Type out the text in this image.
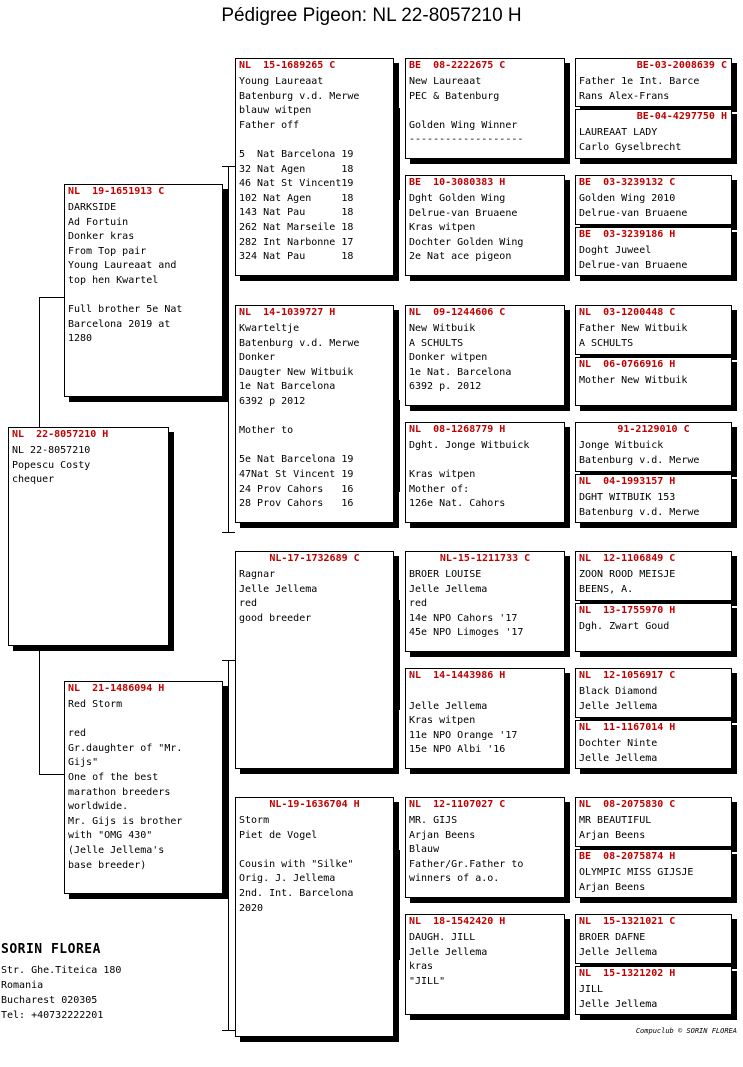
Pédigree Pigeon: NL 22-8057210 H
NL  22-8057210 H
NL 22-8057210
Popescu Costy
chequer
NL  19-1651913 C
DARKSIDE
Ad Fortuin
Donker kras
From Top pair
Young Laureaat and
top hen Kwartel

Full brother 5e Nat
Barcelona 2019 at
1280
NL  21-1486094 H
Red Storm

red
Gr.daughter of "Mr.
Gijs"
One of the best
marathon breeders
worldwide.
Mr. Gijs is brother
with "OMG 430"
(Jelle Jellema's
base breeder)
NL  15-1689265 C
Young Laureaat
Batenburg v.d. Merwe
blauw witpen
Father off

5  Nat Barcelona 19
32 Nat Agen      18
46 Nat St Vincent19
102 Nat Agen     18
143 Nat Pau      18
262 Nat Marseile 18
282 Int Narbonne 17
324 Nat Pau      18
NL  14-1039727 H
Kwarteltje
Batenburg v.d. Merwe
Donker
Daugter New Witbuik
1e Nat Barcelona
6392 p 2012

Mother to

5e Nat Barcelona 19
47Nat St Vincent 19
24 Prov Cahors   16
28 Prov Cahors   16
NL-17-1732689 C
Ragnar
Jelle Jellema
red
good breeder
NL-19-1636704 H
Storm
Piet de Vogel

Cousin with "Silke"
Orig. J. Jellema
2nd. Int. Barcelona
2020
BE  08-2222675 C
New Laureaat
PEC & Batenburg

Golden Wing Winner
-------------------
BE  10-3080383 H
Dght Golden Wing
Delrue-van Bruaene
Kras witpen
Dochter Golden Wing
2e Nat ace pigeon
NL  09-1244606 C
New Witbuik
A SCHULTS
Donker witpen
1e Nat. Barcelona
6392 p. 2012
NL  08-1268779 H
Dght. Jonge Witbuick

Kras witpen
Mother of:
126e Nat. Cahors
NL-15-1211733 C
BROER LOUISE
Jelle Jellema
red
14e NPO Cahors '17
45e NPO Limoges '17
NL  14-1443986 H

Jelle Jellema
Kras witpen
11e NPO Orange '17
15e NPO Albi '16
NL  12-1107027 C
MR. GIJS
Arjan Beens
Blauw
Father/Gr.Father to
winners of a.o.
NL  18-1542420 H
DAUGH. JILL
Jelle Jellema
kras
"JILL"
BE-03-2008639 C
Father 1e Int. Barce
Rans Alex-Frans
BE-04-4297750 H
LAUREAAT LADY
Carlo Gyselbrecht
BE  03-3239132 C
Golden Wing 2010
Delrue-van Bruaene
BE  03-3239186 H
Doght Juweel
Delrue-van Bruaene
NL  03-1200448 C
Father New Witbuik
A SCHULTS
NL  06-0766916 H
Mother New Witbuik
91-2129010 C
Jonge Witbuick
Batenburg v.d. Merwe
NL  04-1993157 H
DGHT WITBUIK 153
Batenburg v.d. Merwe
NL  12-1106849 C
ZOON ROOD MEISJE
BEENS, A.
NL  13-1755970 H
Dgh. Zwart Goud
NL  12-1056917 C
Black Diamond
Jelle Jellema
NL  11-1167014 H
Dochter Ninte
Jelle Jellema
NL  08-2075830 C
MR BEAUTIFUL
Arjan Beens
BE  08-2075874 H
OLYMPIC MISS GIJSJE
Arjan Beens
NL  15-1321021 C
BROER DAFNE
Jelle Jellema
NL  15-1321202 H
JILL
Jelle Jellema
SORIN FLOREA
Str. Ghe.Titeica 180
Romania
Bucharest 020305
Tel: +40732222201
Compuclub © SORIN FLOREA
